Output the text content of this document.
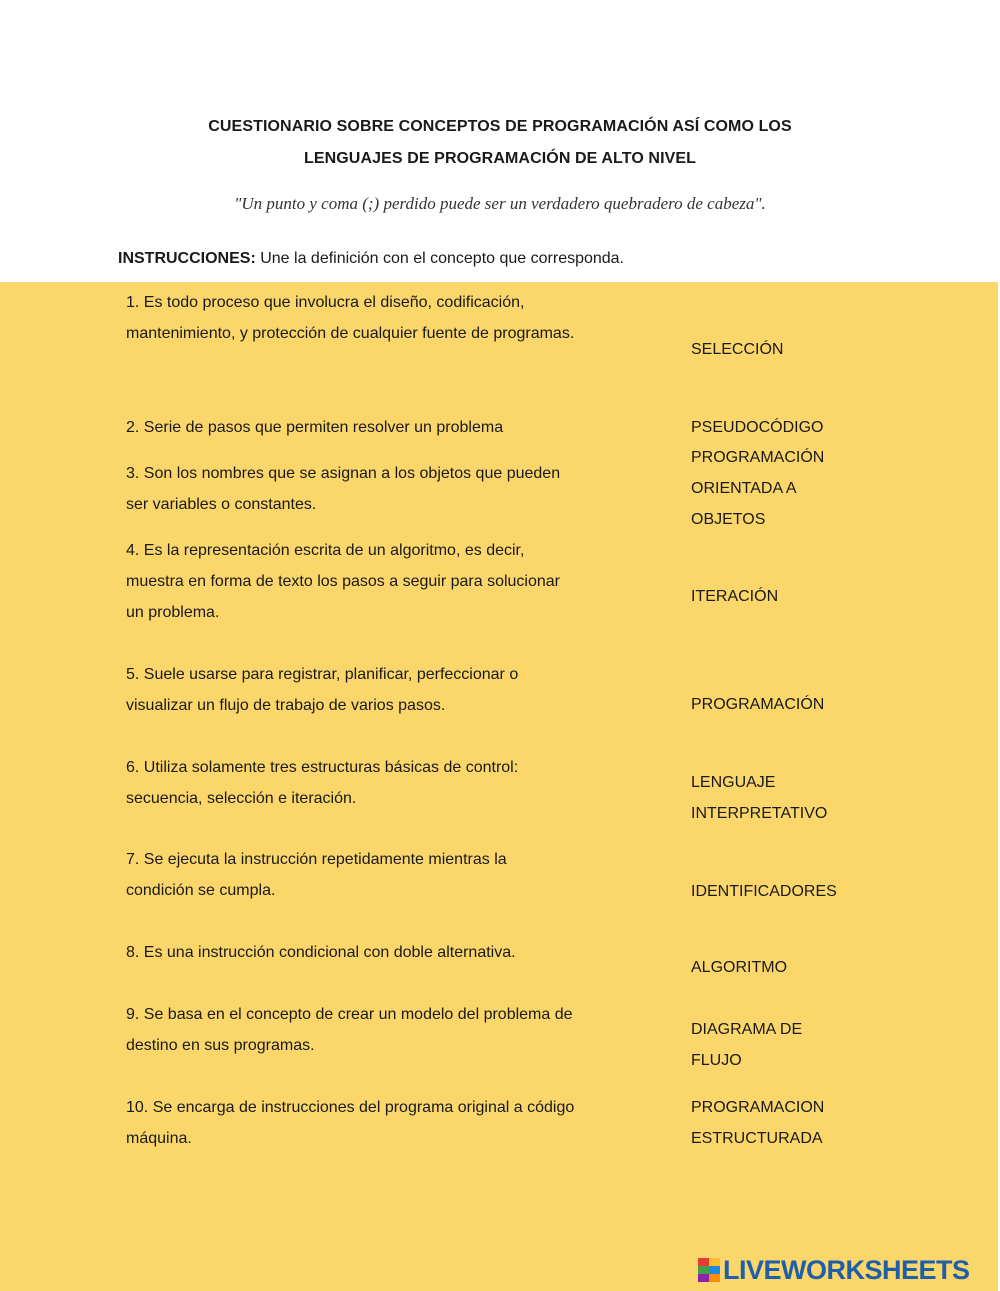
CUESTIONARIO SOBRE CONCEPTOS DE PROGRAMACIÓN ASÍ COMO LOS
LENGUAJES DE PROGRAMACIÓN DE ALTO NIVEL
"Un punto y coma (;) perdido puede ser un verdadero quebradero de cabeza".
INSTRUCCIONES: Une la definición con el concepto que corresponda.
1. Es todo proceso que involucra el diseño, codificación, mantenimiento, y protección de cualquier fuente de programas.
2. Serie de pasos que permiten resolver un problema
3. Son los nombres que se asignan a los objetos que pueden ser variables o constantes.
4. Es la representación escrita de un algoritmo, es decir, muestra en forma de texto los pasos a seguir para solucionar un problema.
5. Suele usarse para registrar, planificar, perfeccionar o visualizar un flujo de trabajo de varios pasos.
6. Utiliza solamente tres estructuras básicas de control: secuencia, selección e iteración.
7. Se ejecuta la instrucción repetidamente mientras la condición se cumpla.
8. Es una instrucción condicional con doble alternativa.
9. Se basa en el concepto de crear un modelo del problema de destino en sus programas.
10. Se encarga de instrucciones del programa original a código máquina.
SELECCIÓN
PSEUDOCÓDIGO
PROGRAMACIÓN ORIENTADA A OBJETOS
ITERACIÓN
PROGRAMACIÓN
LENGUAJE INTERPRETATIVO
IDENTIFICADORES
ALGORITMO
DIAGRAMA DE FLUJO
PROGRAMACION ESTRUCTURADA
LIVEWORKSHEETS
